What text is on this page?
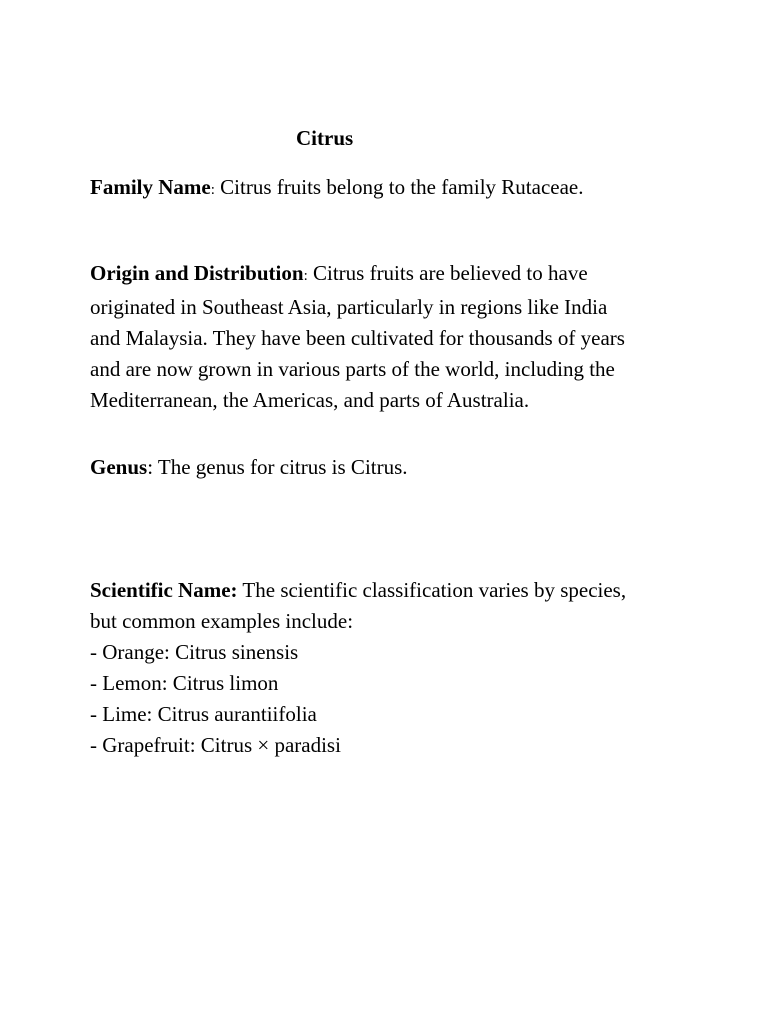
Citrus

Family Name: Citrus fruits belong to the family Rutaceae.

Origin and Distribution: Citrus fruits are believed to have
originated in Southeast Asia, particularly in regions like India
and Malaysia. They have been cultivated for thousands of years
and are now grown in various parts of the world, including the
Mediterranean, the Americas, and parts of Australia.

Genus: The genus for citrus is Citrus.

Scientific Name: The scientific classification varies by species,
but common examples include:
- Orange: Citrus sinensis
- Lemon: Citrus limon
- Lime: Citrus aurantiifolia
- Grapefruit: Citrus × paradisi
